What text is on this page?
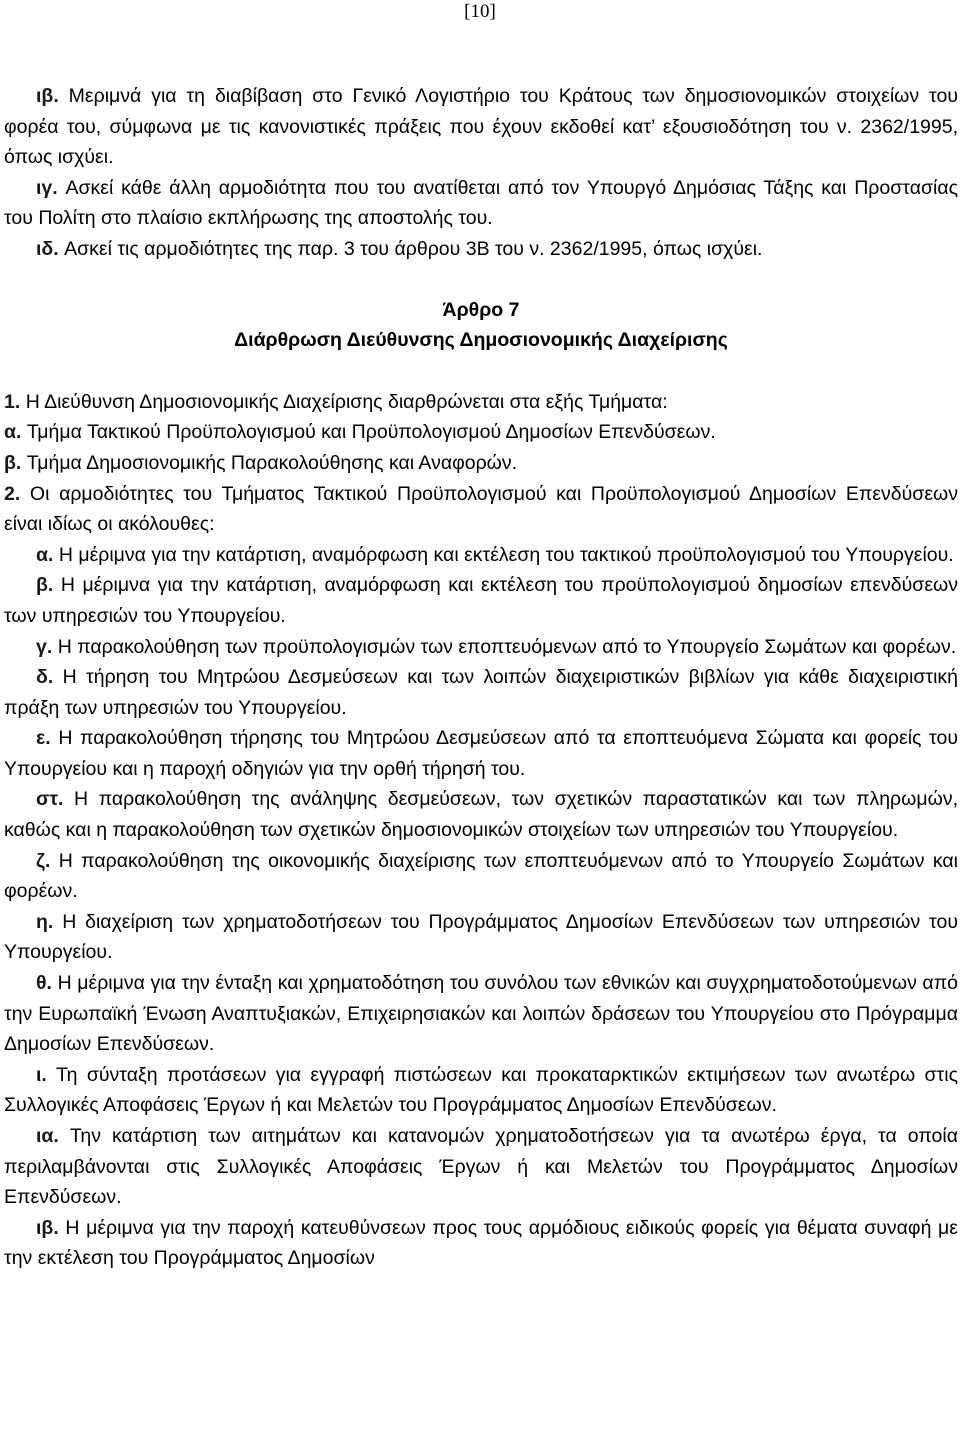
[10]

ιβ. Μεριμνά για τη διαβίβαση στο Γενικό Λογιστήριο του Κράτους των δημοσιονομικών στοιχείων του φορέα του, σύμφωνα με τις κανονιστικές πράξεις που έχουν εκδοθεί κατ’ εξουσιοδότηση του ν. 2362/1995, όπως ισχύει.

ιγ. Ασκεί κάθε άλλη αρμοδιότητα που του ανατίθεται από τον Υπουργό Δημόσιας Τάξης και Προστασίας του Πολίτη στο πλαίσιο εκπλήρωσης της αποστολής του.

ιδ. Ασκεί τις αρμοδιότητες της παρ. 3 του άρθρου 3Β του ν. 2362/1995, όπως ισχύει.

Άρθρο 7

Διάρθρωση Διεύθυνσης Δημοσιονομικής Διαχείρισης

1. Η Διεύθυνση Δημοσιονομικής Διαχείρισης διαρθρώνεται στα εξής Τμήματα:

α. Τμήμα Τακτικού Προϋπολογισμού και Προϋπολογισμού Δημοσίων Επενδύσεων.

β. Τμήμα Δημοσιονομικής Παρακολούθησης και Αναφορών.

2. Οι αρμοδιότητες του Τμήματος Τακτικού Προϋπολογισμού και Προϋπολογισμού Δημοσίων Επενδύσεων είναι ιδίως οι ακόλουθες:

α. Η μέριμνα για την κατάρτιση, αναμόρφωση και εκτέλεση του τακτικού προϋπολογισμού του Υπουργείου.

β. Η μέριμνα για την κατάρτιση, αναμόρφωση και εκτέλεση του προϋπολογισμού δημοσίων επενδύσεων των υπηρεσιών του Υπουργείου.

γ. Η παρακολούθηση των προϋπολογισμών των εποπτευόμενων από το Υπουργείο Σωμάτων και φορέων.

δ. Η τήρηση του Μητρώου Δεσμεύσεων και των λοιπών διαχειριστικών βιβλίων για κάθε διαχειριστική πράξη των υπηρεσιών του Υπουργείου.

ε. Η παρακολούθηση τήρησης του Μητρώου Δεσμεύσεων από τα εποπτευόμενα Σώματα και φορείς του Υπουργείου και η παροχή οδηγιών για την ορθή τήρησή του.

στ. Η παρακολούθηση της ανάληψης δεσμεύσεων, των σχετικών παραστατικών και των πληρωμών, καθώς και η παρακολούθηση των σχετικών δημοσιονομικών στοιχείων των υπηρεσιών του Υπουργείου.

ζ. Η παρακολούθηση της οικονομικής διαχείρισης των εποπτευόμενων από το Υπουργείο Σωμάτων και φορέων.

η. Η διαχείριση των χρηματοδοτήσεων του Προγράμματος Δημοσίων Επενδύσεων των υπηρεσιών του Υπουργείου.

θ. Η μέριμνα για την ένταξη και χρηματοδότηση του συνόλου των εθνικών και συγχρηματοδοτούμενων από την Ευρωπαϊκή Ένωση Αναπτυξιακών, Επιχειρησιακών και λοιπών δράσεων του Υπουργείου στο Πρόγραμμα Δημοσίων Επενδύσεων.

ι. Τη σύνταξη προτάσεων για εγγραφή πιστώσεων και προκαταρκτικών εκτιμήσεων των ανωτέρω στις Συλλογικές Αποφάσεις Έργων ή και Μελετών του Προγράμματος Δημοσίων Επενδύσεων.

ια. Την κατάρτιση των αιτημάτων και κατανομών χρηματοδοτήσεων για τα ανωτέρω έργα, τα οποία περιλαμβάνονται στις Συλλογικές Αποφάσεις Έργων ή και Μελετών του Προγράμματος Δημοσίων Επενδύσεων.

ιβ. Η μέριμνα για την παροχή κατευθύνσεων προς τους αρμόδιους ειδικούς φορείς για θέματα συναφή με την εκτέλεση του Προγράμματος Δημοσίων
